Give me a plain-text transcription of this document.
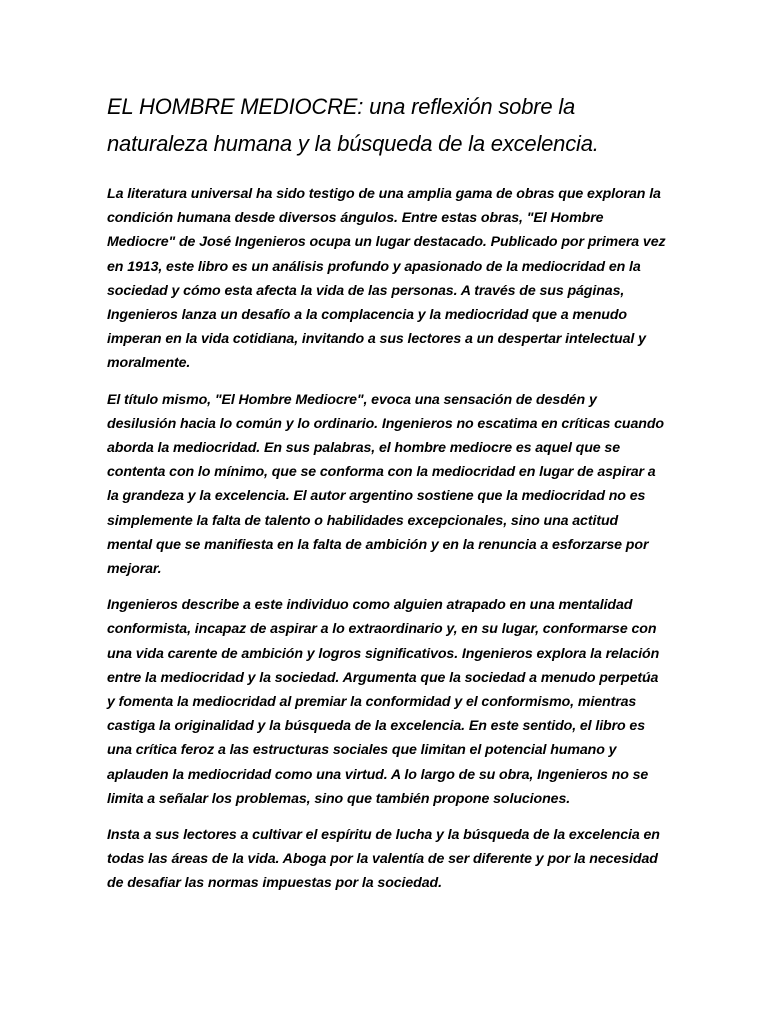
EL HOMBRE MEDIOCRE: una reflexión sobre la naturaleza humana y la búsqueda de la excelencia.

La literatura universal ha sido testigo de una amplia gama de obras que exploran la condición humana desde diversos ángulos. Entre estas obras, "El Hombre Mediocre" de José Ingenieros ocupa un lugar destacado. Publicado por primera vez en 1913, este libro es un análisis profundo y apasionado de la mediocridad en la sociedad y cómo esta afecta la vida de las personas. A través de sus páginas, Ingenieros lanza un desafío a la complacencia y la mediocridad que a menudo imperan en la vida cotidiana, invitando a sus lectores a un despertar intelectual y moralmente.

El título mismo, "El Hombre Mediocre", evoca una sensación de desdén y desilusión hacia lo común y lo ordinario. Ingenieros no escatima en críticas cuando aborda la mediocridad. En sus palabras, el hombre mediocre es aquel que se contenta con lo mínimo, que se conforma con la mediocridad en lugar de aspirar a la grandeza y la excelencia. El autor argentino sostiene que la mediocridad no es simplemente la falta de talento o habilidades excepcionales, sino una actitud mental que se manifiesta en la falta de ambición y en la renuncia a esforzarse por mejorar.

Ingenieros describe a este individuo como alguien atrapado en una mentalidad conformista, incapaz de aspirar a lo extraordinario y, en su lugar, conformarse con una vida carente de ambición y logros significativos. Ingenieros explora la relación entre la mediocridad y la sociedad. Argumenta que la sociedad a menudo perpetúa y fomenta la mediocridad al premiar la conformidad y el conformismo, mientras castiga la originalidad y la búsqueda de la excelencia. En este sentido, el libro es una crítica feroz a las estructuras sociales que limitan el potencial humano y aplauden la mediocridad como una virtud. A lo largo de su obra, Ingenieros no se limita a señalar los problemas, sino que también propone soluciones.

Insta a sus lectores a cultivar el espíritu de lucha y la búsqueda de la excelencia en todas las áreas de la vida. Aboga por la valentía de ser diferente y por la necesidad de desafiar las normas impuestas por la sociedad.
